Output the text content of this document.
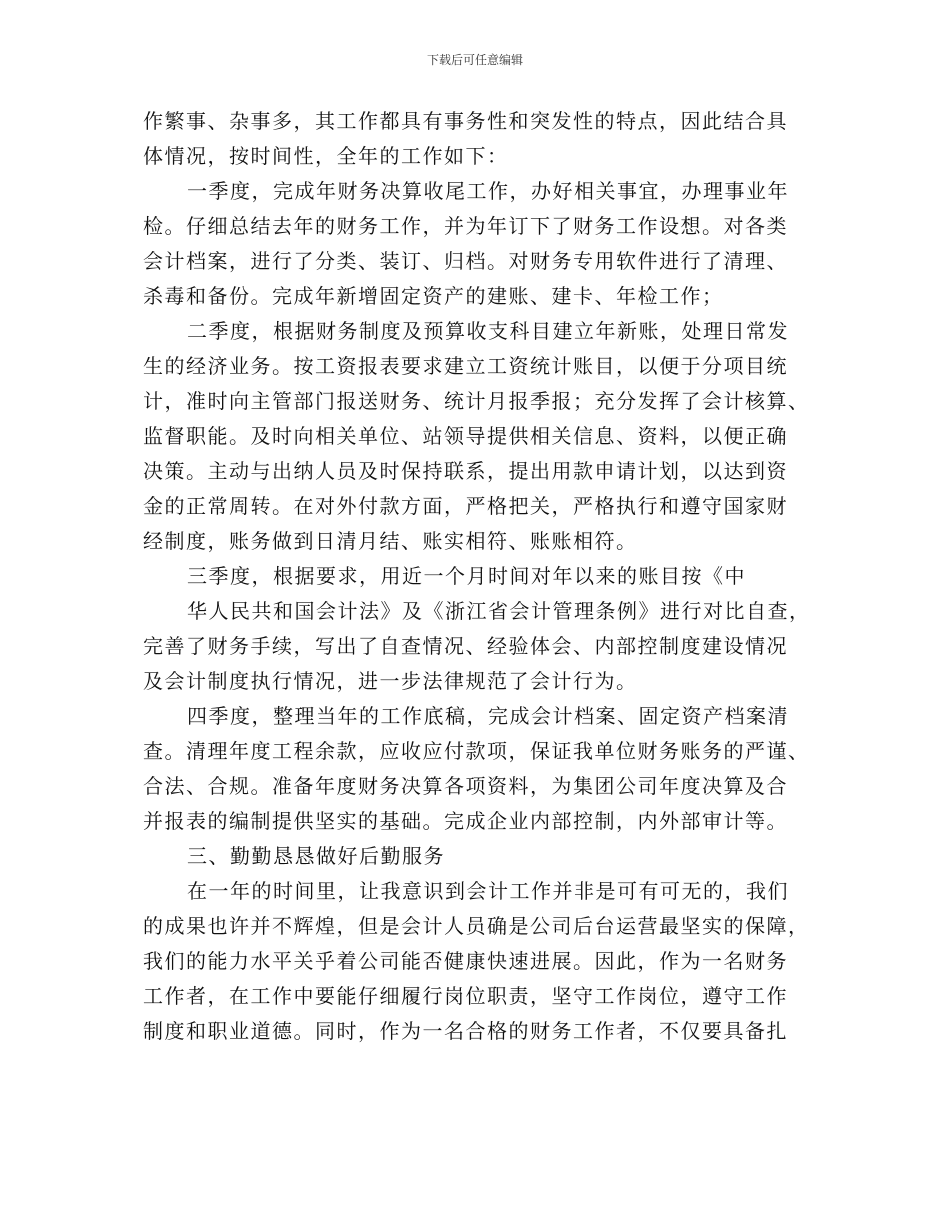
下载后可任意编辑
作繁事、杂事多，其工作都具有事务性和突发性的特点，因此结合具
体情况，按时间性，全年的工作如下：
一季度，完成年财务决算收尾工作，办好相关事宜，办理事业年
检。仔细总结去年的财务工作，并为年订下了财务工作设想。对各类
会计档案，进行了分类、装订、归档。对财务专用软件进行了清理、
杀毒和备份。完成年新增固定资产的建账、建卡、年检工作；
二季度，根据财务制度及预算收支科目建立年新账，处理日常发
生的经济业务。按工资报表要求建立工资统计账目，以便于分项目统
计，准时向主管部门报送财务、统计月报季报；充分发挥了会计核算、
监督职能。及时向相关单位、站领导提供相关信息、资料，以便正确
决策。主动与出纳人员及时保持联系，提出用款申请计划，以达到资
金的正常周转。在对外付款方面，严格把关，严格执行和遵守国家财
经制度，账务做到日清月结、账实相符、账账相符。
三季度，根据要求，用近一个月时间对年以来的账目按《中
华人民共和国会计法》及《浙江省会计管理条例》进行对比自查，
完善了财务手续，写出了自查情况、经验体会、内部控制度建设情况
及会计制度执行情况，进一步法律规范了会计行为。
四季度，整理当年的工作底稿，完成会计档案、固定资产档案清
查。清理年度工程余款，应收应付款项，保证我单位财务账务的严谨、
合法、合规。准备年度财务决算各项资料，为集团公司年度决算及合
并报表的编制提供坚实的基础。完成企业内部控制，内外部审计等。
三、勤勤恳恳做好后勤服务
在一年的时间里，让我意识到会计工作并非是可有可无的，我们
的成果也许并不辉煌，但是会计人员确是公司后台运营最坚实的保障，
我们的能力水平关乎着公司能否健康快速进展。因此，作为一名财务
工作者，在工作中要能仔细履行岗位职责，坚守工作岗位，遵守工作
制度和职业道德。同时，作为一名合格的财务工作者，不仅要具备扎
